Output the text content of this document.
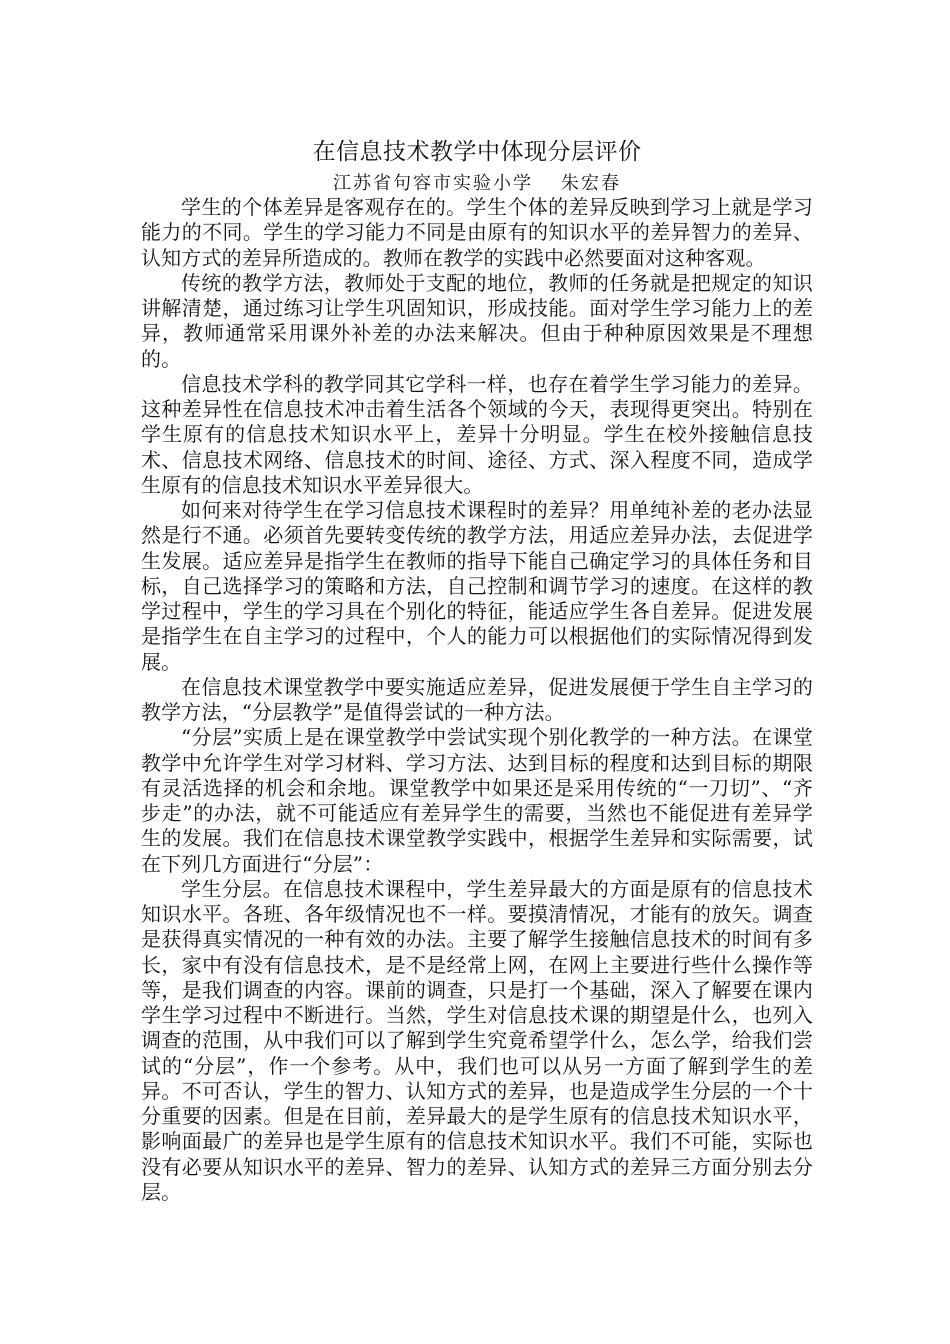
在信息技术教学中体现分层评价
江苏省句容市实验小学 朱宏春

学生的个体差异是客观存在的。学生个体的差异反映到学习上就是学习能力的不同。学生的学习能力不同是由原有的知识水平的差异智力的差异、认知方式的差异所造成的。教师在教学的实践中必然要面对这种客观。

传统的教学方法，教师处于支配的地位，教师的任务就是把规定的知识讲解清楚，通过练习让学生巩固知识，形成技能。面对学生学习能力上的差异，教师通常采用课外补差的办法来解决。但由于种种原因效果是不理想的。

信息技术学科的教学同其它学科一样，也存在着学生学习能力的差异。这种差异性在信息技术冲击着生活各个领域的今天，表现得更突出。特别在学生原有的信息技术知识水平上，差异十分明显。学生在校外接触信息技术、信息技术网络、信息技术的时间、途径、方式、深入程度不同，造成学生原有的信息技术知识水平差异很大。

如何来对待学生在学习信息技术课程时的差异？用单纯补差的老办法显然是行不通。必须首先要转变传统的教学方法，用适应差异办法，去促进学生发展。适应差异是指学生在教师的指导下能自己确定学习的具体任务和目标，自己选择学习的策略和方法，自己控制和调节学习的速度。在这样的教学过程中，学生的学习具在个别化的特征，能适应学生各自差异。促进发展是指学生在自主学习的过程中，个人的能力可以根据他们的实际情况得到发展。

在信息技术课堂教学中要实施适应差异，促进发展便于学生自主学习的教学方法，“分层教学”是值得尝试的一种方法。

“分层”实质上是在课堂教学中尝试实现个别化教学的一种方法。在课堂教学中允许学生对学习材料、学习方法、达到目标的程度和达到目标的期限有灵活选择的机会和余地。课堂教学中如果还是采用传统的“一刀切”、“齐步走”的办法，就不可能适应有差异学生的需要，当然也不能促进有差异学生的发展。我们在信息技术课堂教学实践中，根据学生差异和实际需要，试在下列几方面进行“分层”：

学生分层。在信息技术课程中，学生差异最大的方面是原有的信息技术知识水平。各班、各年级情况也不一样。要摸清情况，才能有的放矢。调查是获得真实情况的一种有效的办法。主要了解学生接触信息技术的时间有多长，家中有没有信息技术，是不是经常上网，在网上主要进行些什么操作等等，是我们调查的内容。课前的调查，只是打一个基础，深入了解要在课内学生学习过程中不断进行。当然，学生对信息技术课的期望是什么，也列入调查的范围，从中我们可以了解到学生究竟希望学什么，怎么学，给我们尝试的“分层”，作一个参考。从中，我们也可以从另一方面了解到学生的差异。不可否认，学生的智力、认知方式的差异，也是造成学生分层的一个十分重要的因素。但是在目前，差异最大的是学生原有的信息技术知识水平，影响面最广的差异也是学生原有的信息技术知识水平。我们不可能，实际也没有必要从知识水平的差异、智力的差异、认知方式的差异三方面分别去分层。
